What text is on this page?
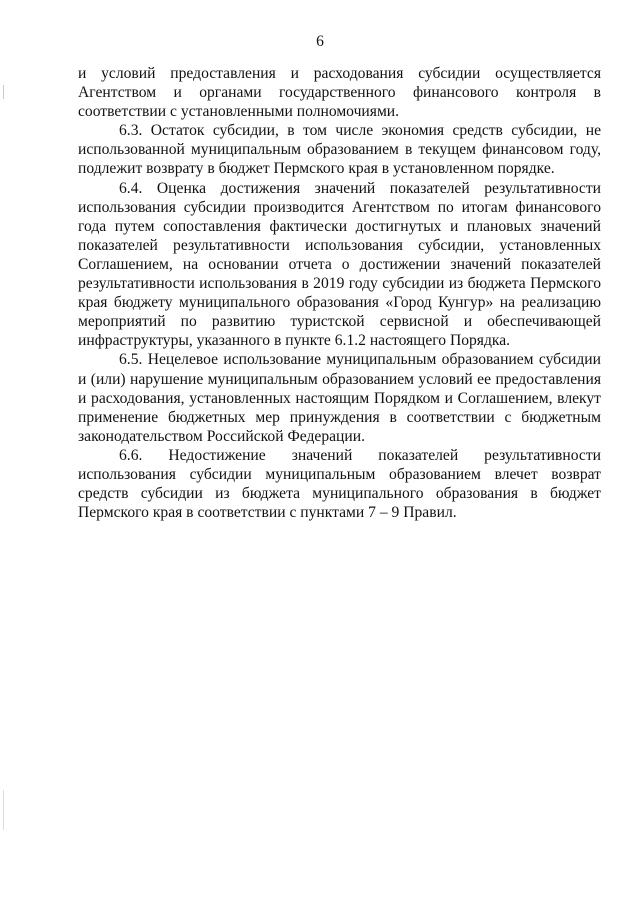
6

и условий предоставления и расходования субсидии осуществляется Агентством и органами государственного финансового контроля в соответствии с установленными полномочиями.

6.3. Остаток субсидии, в том числе экономия средств субсидии, не использованной муниципальным образованием в текущем финансовом году, подлежит возврату в бюджет Пермского края в установленном порядке.

6.4. Оценка достижения значений показателей результативности использования субсидии производится Агентством по итогам финансового года путем сопоставления фактически достигнутых и плановых значений показателей результативности использования субсидии, установленных Соглашением, на основании отчета о достижении значений показателей результативности использования в 2019 году субсидии из бюджета Пермского края бюджету муниципального образования «Город Кунгур» на реализацию мероприятий по развитию туристской сервисной и обеспечивающей инфраструктуры, указанного в пункте 6.1.2 настоящего Порядка.

6.5. Нецелевое использование муниципальным образованием субсидии и (или) нарушение муниципальным образованием условий ее предоставления и расходования, установленных настоящим Порядком и Соглашением, влекут применение бюджетных мер принуждения в соответствии с бюджетным законодательством Российской Федерации.

6.6. Недостижение значений показателей результативности использования субсидии муниципальным образованием влечет возврат средств субсидии из бюджета муниципального образования в бюджет Пермского края в соответствии с пунктами 7 – 9 Правил.
